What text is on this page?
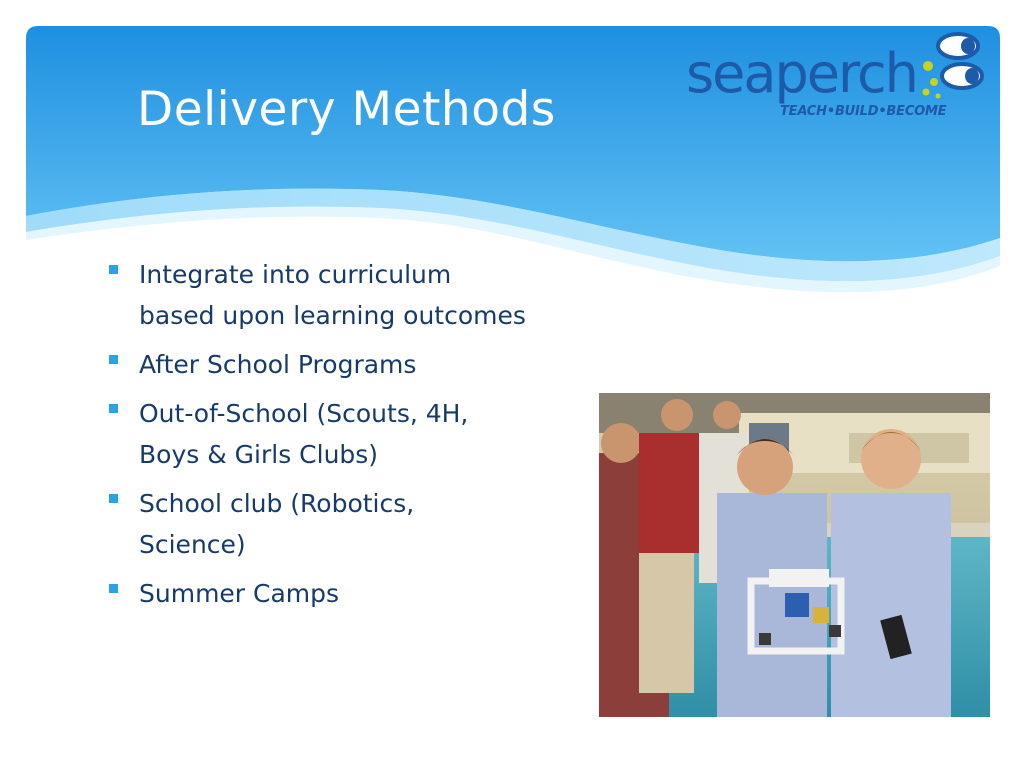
Delivery Methods
seaperch
TEACH•BUILD•BECOME
Integrate into curriculum
based upon learning outcomes
After School Programs
Out-of-School (Scouts, 4H,
Boys & Girls Clubs)
School club (Robotics,
Science)
Summer Camps
